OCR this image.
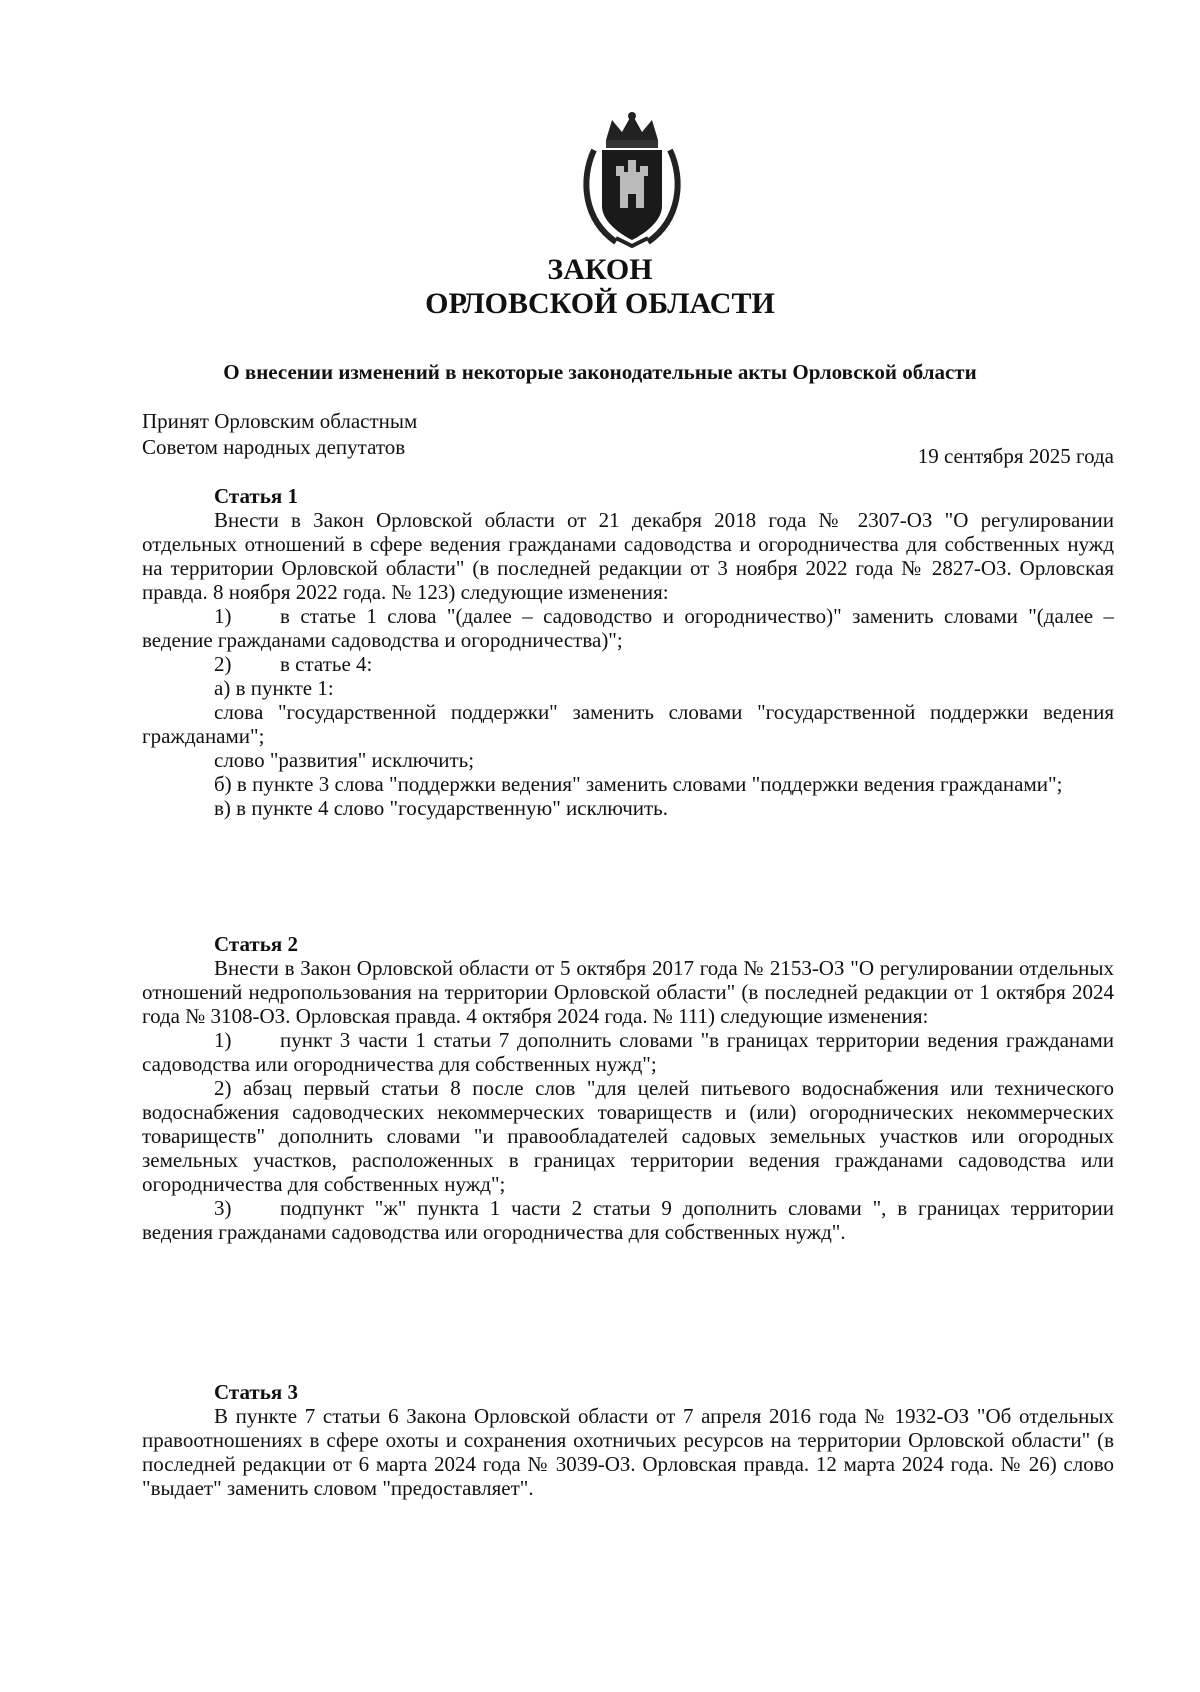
ЗАКОН
ОРЛОВСКОЙ ОБЛАСТИ
О внесении изменений в некоторые законодательные акты Орловской области
Принят Орловским областным
Советом народных депутатов	19 сентября 2025 года
Статья 1

Внести в Закон Орловской области от 21 декабря 2018 года № 2307-ОЗ "О регулировании отдельных отношений в сфере ведения гражданами садоводства и огородничества для собственных нужд на территории Орловской области" (в последней редакции от 3 ноября 2022 года № 2827-ОЗ. Орловская правда. 8 ноября 2022 года. № 123) следующие изменения:

1) в статье 1 слова "(далее – садоводство и огородничество)" заменить словами "(далее – ведение гражданами садоводства и огородничества)";

2) в статье 4:

а) в пункте 1:

слова "государственной поддержки" заменить словами "государственной поддержки ведения гражданами";

слово "развития" исключить;

б) в пункте 3 слова "поддержки ведения" заменить словами "поддержки ведения гражданами";

в) в пункте 4 слово "государственную" исключить.

Статья 2

Внести в Закон Орловской области от 5 октября 2017 года № 2153-ОЗ "О регулировании отдельных отношений недропользования на территории Орловской области" (в последней редакции от 1 октября 2024 года № 3108-ОЗ. Орловская правда. 4 октября 2024 года. № 111) следующие изменения:

1) пункт 3 части 1 статьи 7 дополнить словами "в границах территории ведения гражданами садоводства или огородничества для собственных нужд";

2) абзац первый статьи 8 после слов "для целей питьевого водоснабжения или технического водоснабжения садоводческих некоммерческих товариществ и (или) огороднических некоммерческих товариществ" дополнить словами "и правообладателей садовых земельных участков или огородных земельных участков, расположенных в границах территории ведения гражданами садоводства или огородничества для собственных нужд";

3) подпункт "ж" пункта 1 части 2 статьи 9 дополнить словами ", в границах территории ведения гражданами садоводства или огородничества для собственных нужд".

Статья 3

В пункте 7 статьи 6 Закона Орловской области от 7 апреля 2016 года № 1932-ОЗ "Об отдельных правоотношениях в сфере охоты и сохранения охотничьих ресурсов на территории Орловской области" (в последней редакции от 6 марта 2024 года № 3039-ОЗ. Орловская правда. 12 марта 2024 года. № 26) слово "выдает" заменить словом "предоставляет".
